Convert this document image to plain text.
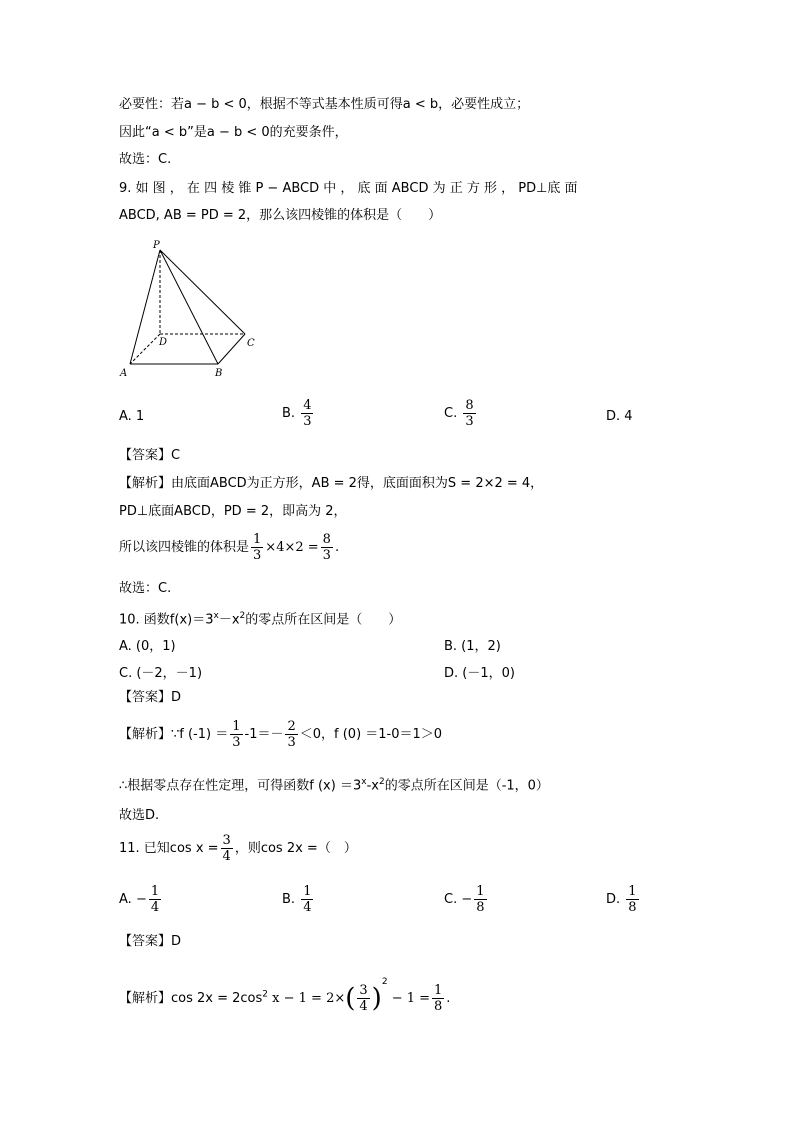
必要性：若a − b < 0，根据不等式基本性质可得a < b，必要性成立；
因此“a < b”是a − b < 0的充要条件，
故选：C.
9. 如 图 ， 在 四 棱 锥 P − ABCD 中 ， 底 面 ABCD 为 正 方 形 ， PD⊥底 面
ABCD, AB = PD = 2，那么该四棱锥的体积是（　　）
P
D	C
A	B
A. 1	B. $\frac{4}{3}$	C. $\frac{8}{3}$	D. 4
【答案】C
【解析】由底面ABCD为正方形，AB = 2得，底面面积为S = 2×2 = 4，
PD⊥底面ABCD，PD = 2，即高为 2，
所以该四棱锥的体积是 $\frac{1}{3} \times 4\times 2 = \frac{8}{3}$ .
故选：C.
10. 函数$f(x)=3^x-x^2$的零点所在区间是（　　）
A. (0，1)	B. (1，2)
C. (－2，－1)	D. (－1，0)
【答案】D
【解析】∵f $(-1) = \frac{1}{3} -1=- \frac{2}{3} <0$，f (0) ＝1-0＝1＞0
∴根据零点存在性定理，可得函数f $(x) =3^x-x^2$的零点所在区间是（-1，0）
故选D.
11. 已知$\cos x = \frac{3}{4}$ ，则cos 2x =（　）
A. − $\frac{1}{4}$	B. $\frac{1}{4}$	C. − $\frac{1}{8}$	D. $\frac{1}{8}$
【答案】D
【解析】$\cos 2x = 2\cos^2$ $x - 1 = 2\times( \frac{3}{4} )^2 - 1 = \frac{1}{8}$ .
